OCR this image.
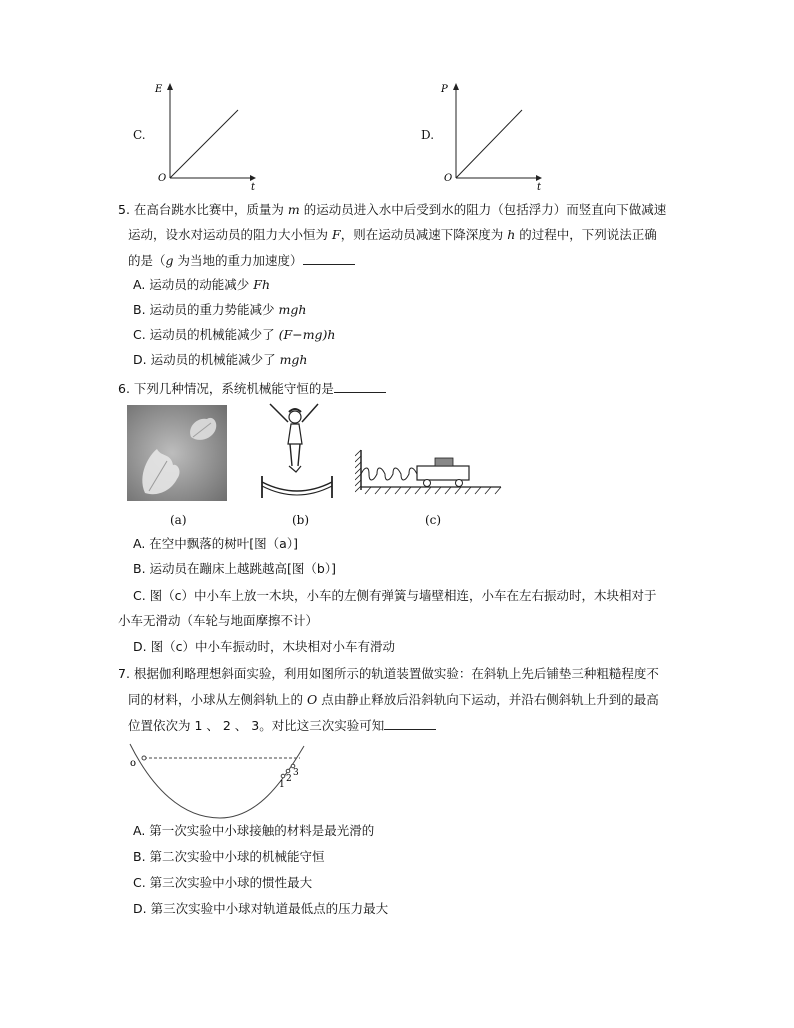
C.
E
O
t
D.
P
O
t
5. 在高台跳水比赛中，质量为 m 的运动员进入水中后受到水的阻力（包括浮力）而竖直向下做减速
运动，设水对运动员的阻力大小恒为 F，则在运动员减速下降深度为 h 的过程中，下列说法正确
的是（g 为当地的重力加速度）
A. 运动员的动能减少 Fh
B. 运动员的重力势能减少 mgh
C. 运动员的机械能减少了 (F−mg)h
D. 运动员的机械能减少了 mgh
6. 下列几种情况，系统机械能守恒的是
(a)	(b)	(c)
A. 在空中飘落的树叶[图（a）]
B. 运动员在蹦床上越跳越高[图（b）]
C. 图（c）中小车上放一木块，小车的左侧有弹簧与墙壁相连，小车在左右振动时，木块相对于
小车无滑动（车轮与地面摩擦不计）
D. 图（c）中小车振动时，木块相对小车有滑动
7. 根据伽利略理想斜面实验，利用如图所示的轨道装置做实验：在斜轨上先后铺垫三种粗糙程度不
同的材料，小球从左侧斜轨上的 O 点由静止释放后沿斜轨向下运动，并沿右侧斜轨上升到的最高
位置依次为 1 、 2 、 3。对比这三次实验可知
o
1
2
3
A. 第一次实验中小球接触的材料是最光滑的
B. 第二次实验中小球的机械能守恒
C. 第三次实验中小球的惯性最大
D. 第三次实验中小球对轨道最低点的压力最大
